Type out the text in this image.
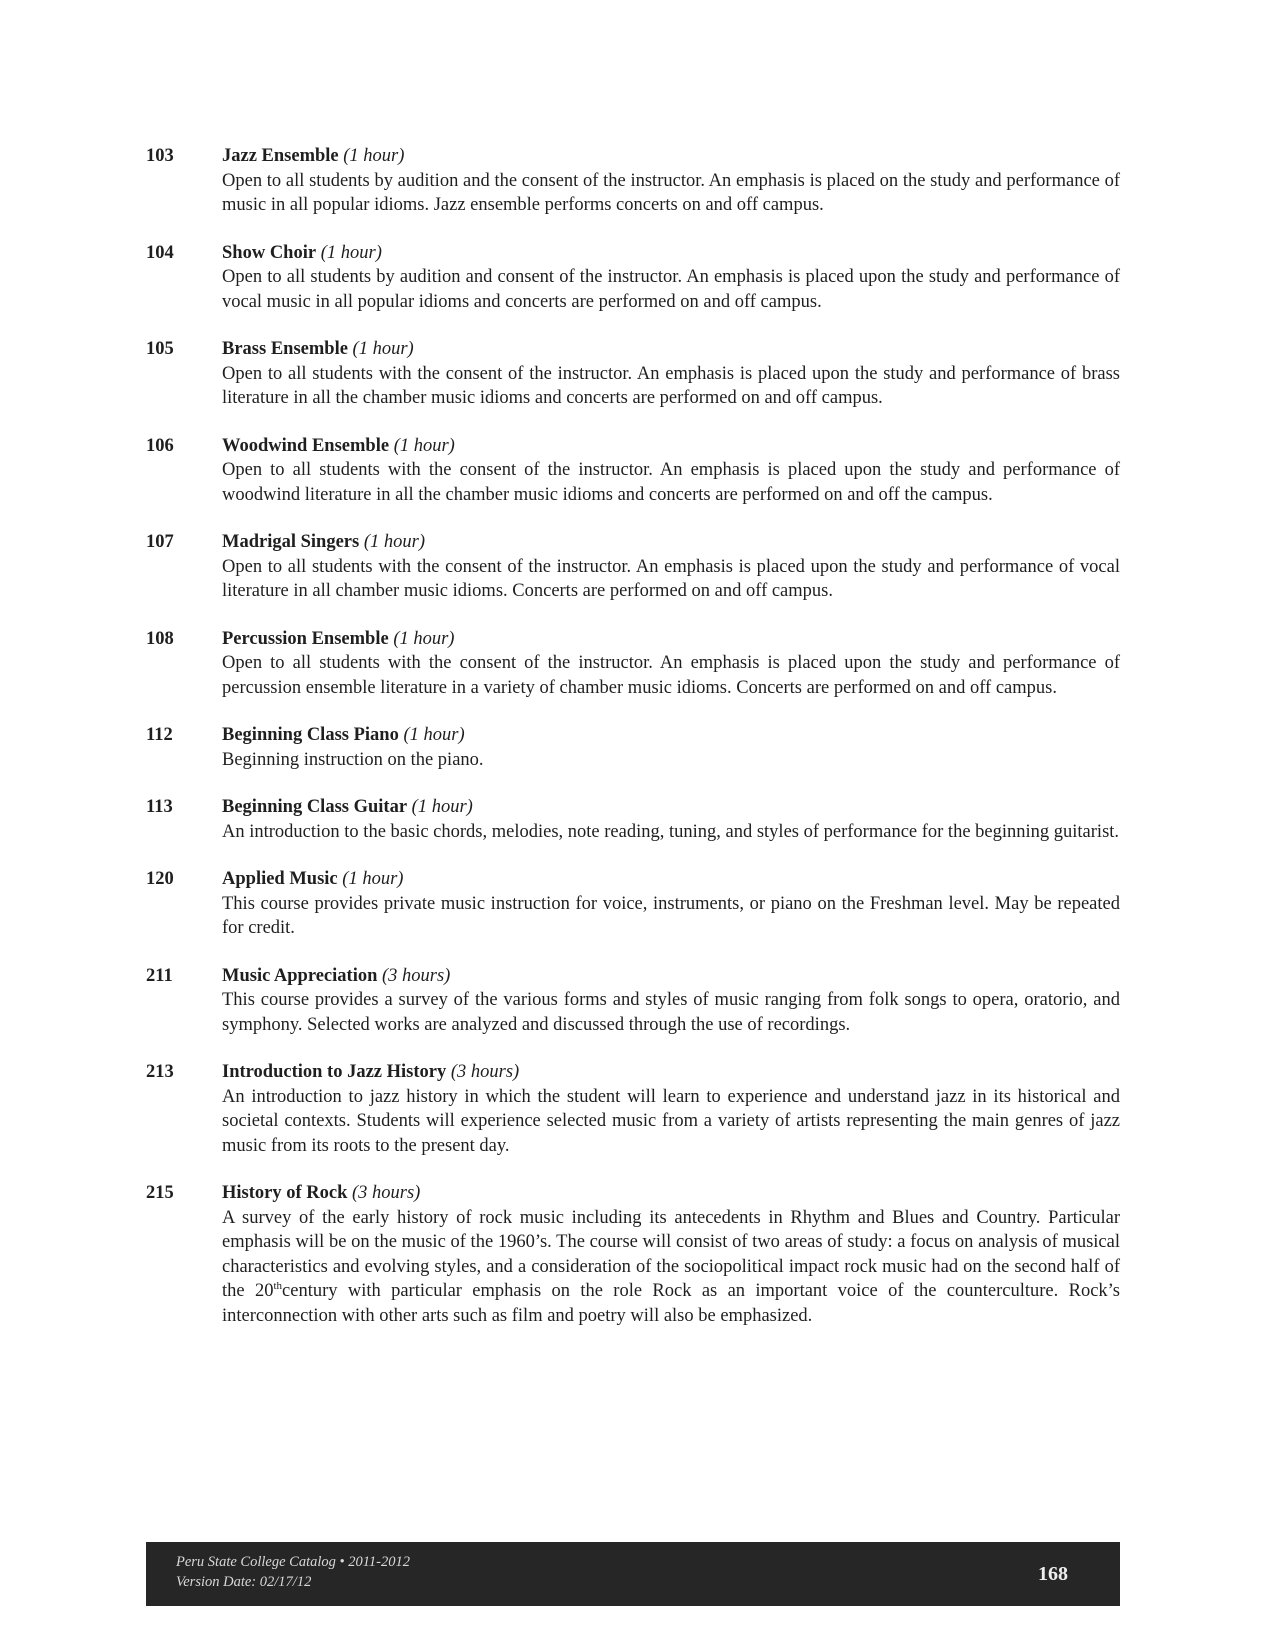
103	Jazz Ensemble (1 hour)
Open to all students by audition and the consent of the instructor. An emphasis is placed on the study and performance of music in all popular idioms. Jazz ensemble performs concerts on and off campus.
104	Show Choir (1 hour)
Open to all students by audition and consent of the instructor. An emphasis is placed upon the study and performance of vocal music in all popular idioms and concerts are performed on and off campus.
105	Brass Ensemble (1 hour)
Open to all students with the consent of the instructor. An emphasis is placed upon the study and performance of brass literature in all the chamber music idioms and concerts are performed on and off campus.
106	Woodwind Ensemble (1 hour)
Open to all students with the consent of the instructor. An emphasis is placed upon the study and performance of woodwind literature in all the chamber music idioms and concerts are performed on and off the campus.
107	Madrigal Singers (1 hour)
Open to all students with the consent of the instructor. An emphasis is placed upon the study and performance of vocal literature in all chamber music idioms. Concerts are performed on and off campus.
108	Percussion Ensemble (1 hour)
Open to all students with the consent of the instructor. An emphasis is placed upon the study and performance of percussion ensemble literature in a variety of chamber music idioms. Concerts are performed on and off campus.
112	Beginning Class Piano (1 hour)
Beginning instruction on the piano.
113	Beginning Class Guitar (1 hour)
An introduction to the basic chords, melodies, note reading, tuning, and styles of performance for the beginning guitarist.
120	Applied Music (1 hour)
This course provides private music instruction for voice, instruments, or piano on the Freshman level. May be repeated for credit.
211	Music Appreciation (3 hours)
This course provides a survey of the various forms and styles of music ranging from folk songs to opera, oratorio, and symphony. Selected works are analyzed and discussed through the use of recordings.
213	Introduction to Jazz History (3 hours)
An introduction to jazz history in which the student will learn to experience and understand jazz in its historical and societal contexts. Students will experience selected music from a variety of artists representing the main genres of jazz music from its roots to the present day.
215	History of Rock (3 hours)
A survey of the early history of rock music including its antecedents in Rhythm and Blues and Country. Particular emphasis will be on the music of the 1960’s. The course will consist of two areas of study: a focus on analysis of musical characteristics and evolving styles, and a consideration of the sociopolitical impact rock music had on the second half of the 20thcentury with particular emphasis on the role Rock as an important voice of the counterculture. Rock’s interconnection with other arts such as film and poetry will also be emphasized.
Peru State College Catalog • 2011-2012
Version Date: 02/17/12	168
